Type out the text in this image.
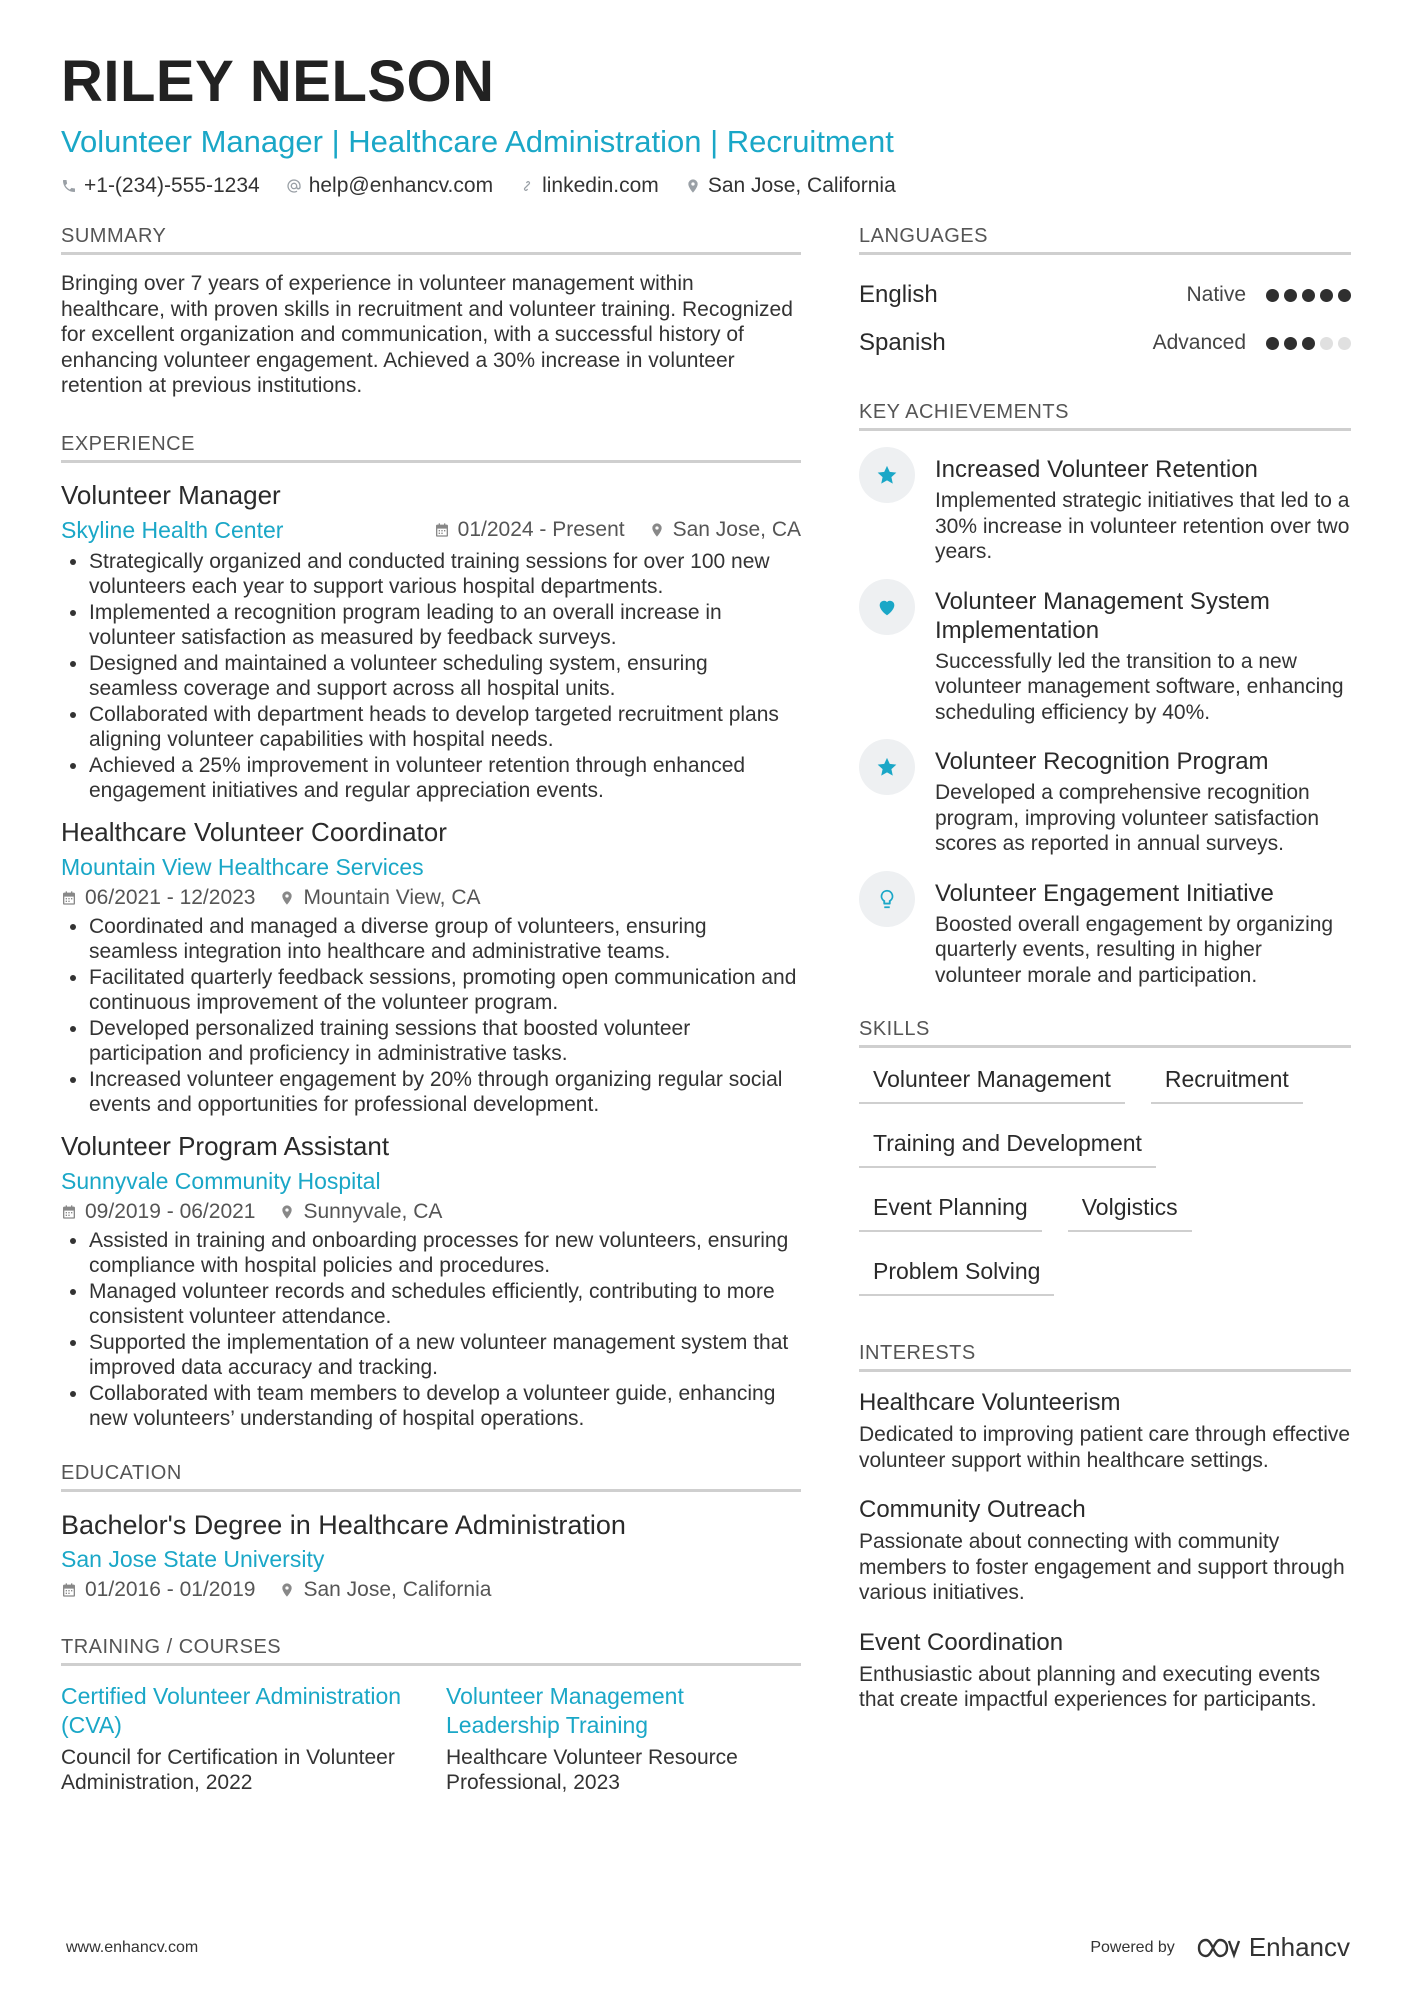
RILEY NELSON
Volunteer Manager | Healthcare Administration | Recruitment
+1-(234)-555-1234 help@enhancv.com linkedin.com San Jose, California
SUMMARY

Bringing over 7 years of experience in volunteer management within healthcare, with proven skills in recruitment and volunteer training. Recognized for excellent organization and communication, with a successful history of enhancing volunteer engagement. Achieved a 30% increase in volunteer retention at previous institutions.

EXPERIENCE
Volunteer Manager
Skyline Health Center	01/2024 - Present San Jose, CA
• Strategically organized and conducted training sessions for over 100 new volunteers each year to support various hospital departments.
• Implemented a recognition program leading to an overall increase in volunteer satisfaction as measured by feedback surveys.
• Designed and maintained a volunteer scheduling system, ensuring seamless coverage and support across all hospital units.
• Collaborated with department heads to develop targeted recruitment plans aligning volunteer capabilities with hospital needs.
• Achieved a 25% improvement in volunteer retention through enhanced engagement initiatives and regular appreciation events.
Healthcare Volunteer Coordinator
Mountain View Healthcare Services
06/2021 - 12/2023 Mountain View, CA
• Coordinated and managed a diverse group of volunteers, ensuring seamless integration into healthcare and administrative teams.
• Facilitated quarterly feedback sessions, promoting open communication and continuous improvement of the volunteer program.
• Developed personalized training sessions that boosted volunteer participation and proficiency in administrative tasks.
• Increased volunteer engagement by 20% through organizing regular social events and opportunities for professional development.
Volunteer Program Assistant
Sunnyvale Community Hospital
09/2019 - 06/2021 Sunnyvale, CA
• Assisted in training and onboarding processes for new volunteers, ensuring compliance with hospital policies and procedures.
• Managed volunteer records and schedules efficiently, contributing to more consistent volunteer attendance.
• Supported the implementation of a new volunteer management system that improved data accuracy and tracking.
• Collaborated with team members to develop a volunteer guide, enhancing new volunteers’ understanding of hospital operations.
EDUCATION
Bachelor's Degree in Healthcare Administration
San Jose State University
01/2016 - 01/2019 San Jose, California
TRAINING / COURSES
Certified Volunteer Administration (CVA)
Council for Certification in Volunteer Administration, 2022
Volunteer Management Leadership Training
Healthcare Volunteer Resource Professional, 2023
LANGUAGES
English	Native
Spanish	Advanced
KEY ACHIEVEMENTS
Increased Volunteer Retention
Implemented strategic initiatives that led to a 30% increase in volunteer retention over two years.
Volunteer Management System Implementation
Successfully led the transition to a new volunteer management software, enhancing scheduling efficiency by 40%.
Volunteer Recognition Program
Developed a comprehensive recognition program, improving volunteer satisfaction scores as reported in annual surveys.
Volunteer Engagement Initiative
Boosted overall engagement by organizing quarterly events, resulting in higher volunteer morale and participation.
SKILLS
Volunteer Management	Recruitment
Training and Development
Event Planning	Volgistics
Problem Solving
INTERESTS
Healthcare Volunteerism
Dedicated to improving patient care through effective volunteer support within healthcare settings.
Community Outreach
Passionate about connecting with community members to foster engagement and support through various initiatives.
Event Coordination
Enthusiastic about planning and executing events that create impactful experiences for participants.
www.enhancv.com	Powered by	Enhancv
